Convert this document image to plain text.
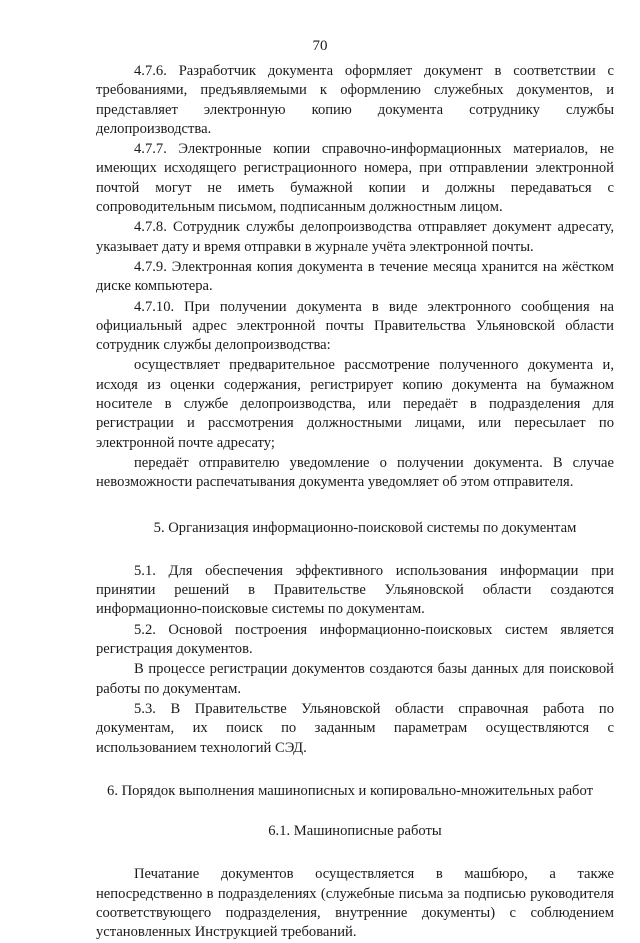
70

4.7.6. Разработчик документа оформляет документ в соответствии с требованиями, предъявляемыми к оформлению служебных документов, и представляет электронную копию документа сотруднику службы делопроизводства.

4.7.7. Электронные копии справочно-информационных материалов, не имеющих исходящего регистрационного номера, при отправлении электронной почтой могут не иметь бумажной копии и должны передаваться с сопроводительным письмом, подписанным должностным лицом.

4.7.8. Сотрудник службы делопроизводства отправляет документ адресату, указывает дату и время отправки в журнале учёта электронной почты.

4.7.9. Электронная копия документа в течение месяца хранится на жёстком диске компьютера.

4.7.10. При получении документа в виде электронного сообщения на официальный адрес электронной почты Правительства Ульяновской области сотрудник службы делопроизводства:

осуществляет предварительное рассмотрение полученного документа и, исходя из оценки содержания, регистрирует копию документа на бумажном носителе в службе делопроизводства, или передаёт в подразделения для регистрации и рассмотрения должностными лицами, или пересылает по электронной почте адресату;

передаёт отправителю уведомление о получении документа. В случае невозможности распечатывания документа уведомляет об этом отправителя.

5. Организация информационно-поисковой системы по документам

5.1. Для обеспечения эффективного использования информации при принятии решений в Правительстве Ульяновской области создаются информационно-поисковые системы по документам.

5.2. Основой построения информационно-поисковых систем является регистрация документов.

В процессе регистрации документов создаются базы данных для поисковой работы по документам.

5.3. В Правительстве Ульяновской области справочная работа по документам, их поиск по заданным параметрам осуществляются с использованием технологий СЭД.

6. Порядок выполнения машинописных и копировально-множительных работ
6.1. Машинописные работы

Печатание документов осуществляется в машбюро, а также непосредственно в подразделениях (служебные письма за подписью руководителя соответствующего подразделения, внутренние документы) с соблюдением установленных Инструкцией требований.
